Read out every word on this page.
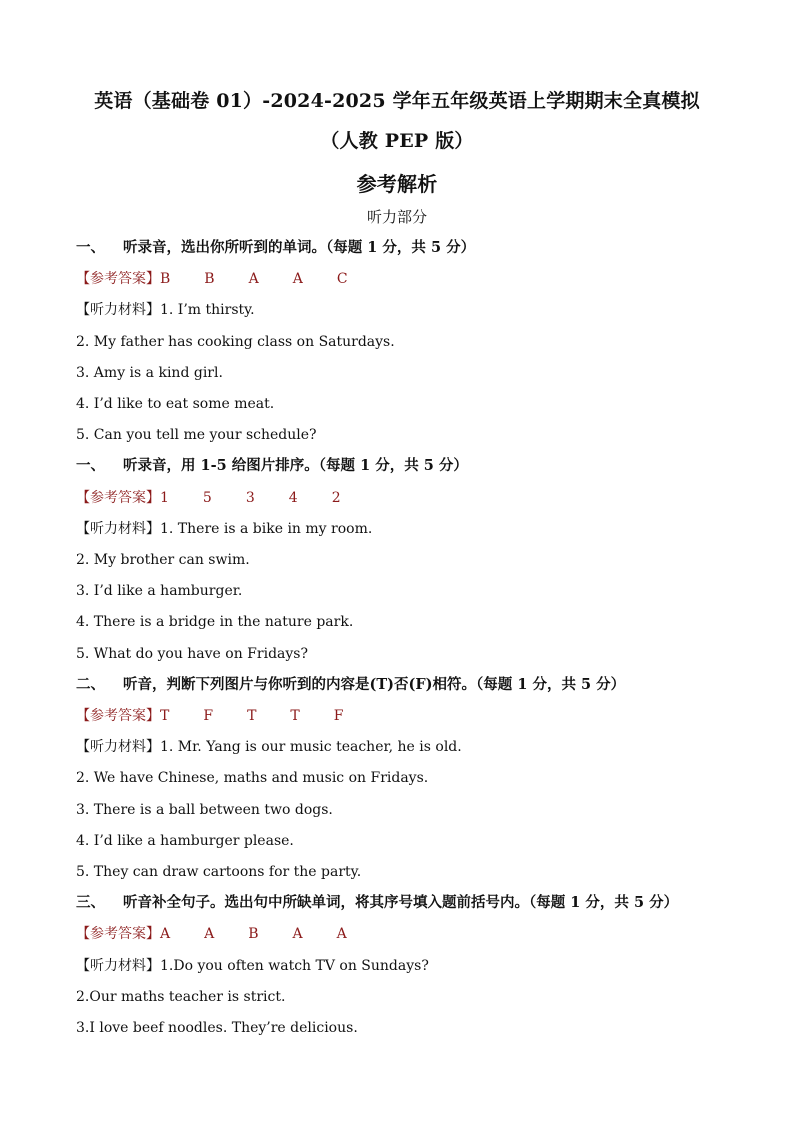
英语（基础卷 01）-2024-2025 学年五年级英语上学期期末全真模拟
（人教 PEP 版）
参考解析
听力部分
一、 听录音，选出你所听到的单词。（每题 1 分，共 5 分）
【参考答案】B B A A C
【听力材料】1. I’m thirsty.
2. My father has cooking class on Saturdays.
3. Amy is a kind girl.
4. I’d like to eat some meat.
5. Can you tell me your schedule?
一、 听录音，用 1-5 给图片排序。（每题 1 分，共 5 分）
【参考答案】1 5 3 4 2
【听力材料】1. There is a bike in my room.
2. My brother can swim.
3. I’d like a hamburger.
4. There is a bridge in the nature park.
5. What do you have on Fridays?
二、 听音，判断下列图片与你听到的内容是(T)否(F)相符。（每题 1 分，共 5 分）
【参考答案】T F T T F
【听力材料】1. Mr. Yang is our music teacher, he is old.
2. We have Chinese, maths and music on Fridays.
3. There is a ball between two dogs.
4. I’d like a hamburger please.
5. They can draw cartoons for the party.
三、 听音补全句子。选出句中所缺单词，将其序号填入题前括号内。（每题 1 分，共 5 分）
【参考答案】A A B A A
【听力材料】1.Do you often watch TV on Sundays?
2.Our maths teacher is strict.
3.I love beef noodles. They’re delicious.
